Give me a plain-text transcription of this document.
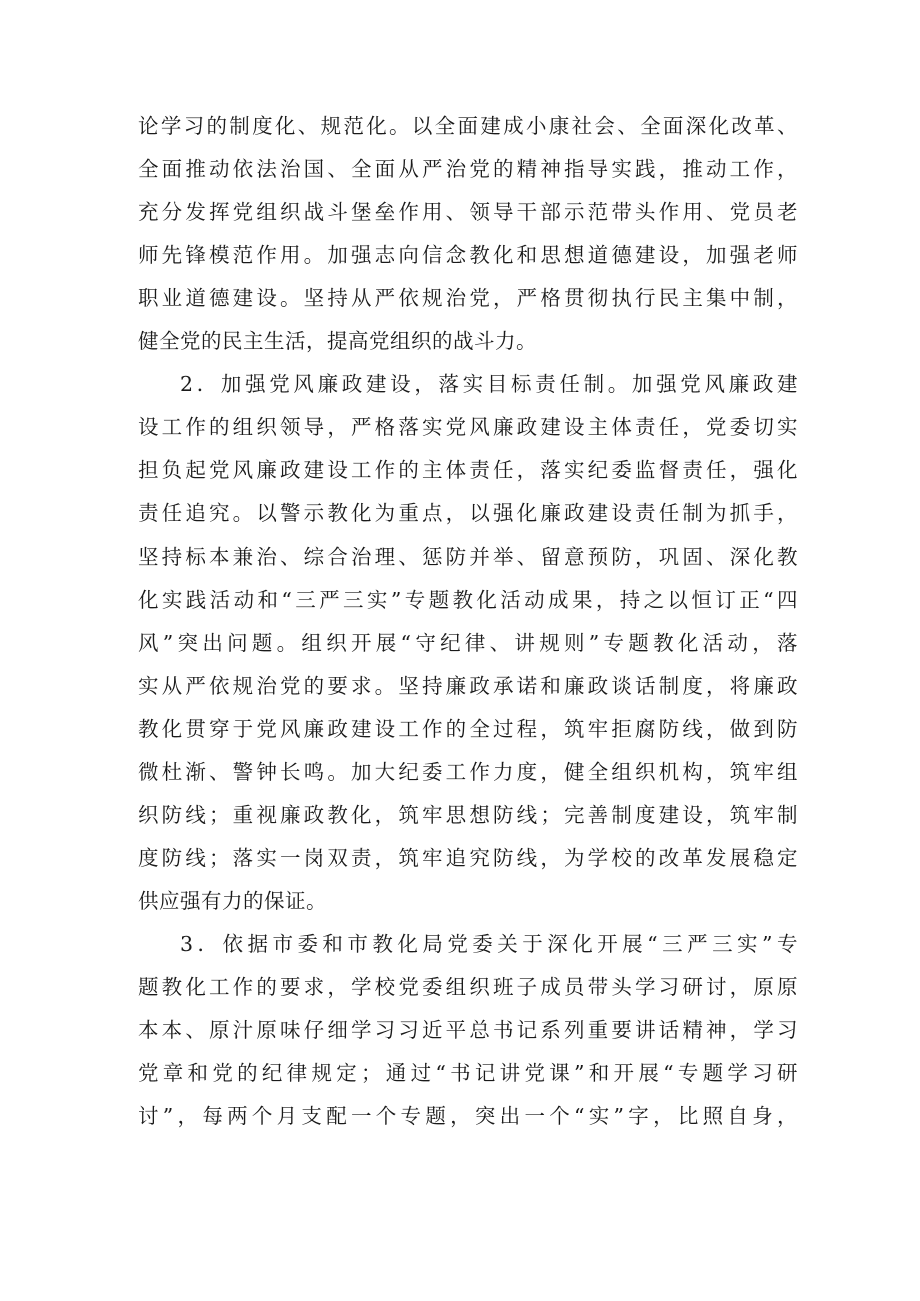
论学习的制度化、规范化。以全面建成小康社会、全面深化改革、
全面推动依法治国、全面从严治党的精神指导实践，推动工作，
充分发挥党组织战斗堡垒作用、领导干部示范带头作用、党员老
师先锋模范作用。加强志向信念教化和思想道德建设，加强老师
职业道德建设。坚持从严依规治党，严格贯彻执行民主集中制，
健全党的民主生活，提高党组织的战斗力。
2．加强党风廉政建设，落实目标责任制。加强党风廉政建
设工作的组织领导，严格落实党风廉政建设主体责任，党委切实
担负起党风廉政建设工作的主体责任，落实纪委监督责任，强化
责任追究。以警示教化为重点，以强化廉政建设责任制为抓手，
坚持标本兼治、综合治理、惩防并举、留意预防，巩固、深化教
化实践活动和“三严三实”专题教化活动成果，持之以恒订正“四
风”突出问题。组织开展“守纪律、讲规则”专题教化活动，落
实从严依规治党的要求。坚持廉政承诺和廉政谈话制度，将廉政
教化贯穿于党风廉政建设工作的全过程，筑牢拒腐防线，做到防
微杜渐、警钟长鸣。加大纪委工作力度，健全组织机构，筑牢组
织防线；重视廉政教化，筑牢思想防线；完善制度建设，筑牢制
度防线；落实一岗双责，筑牢追究防线，为学校的改革发展稳定
供应强有力的保证。
3．依据市委和市教化局党委关于深化开展“三严三实”专
题教化工作的要求，学校党委组织班子成员带头学习研讨，原原
本本、原汁原味仔细学习习近平总书记系列重要讲话精神，学习
党章和党的纪律规定；通过“书记讲党课”和开展“专题学习研
讨”，每两个月支配一个专题，突出一个“实”字，比照自身，
